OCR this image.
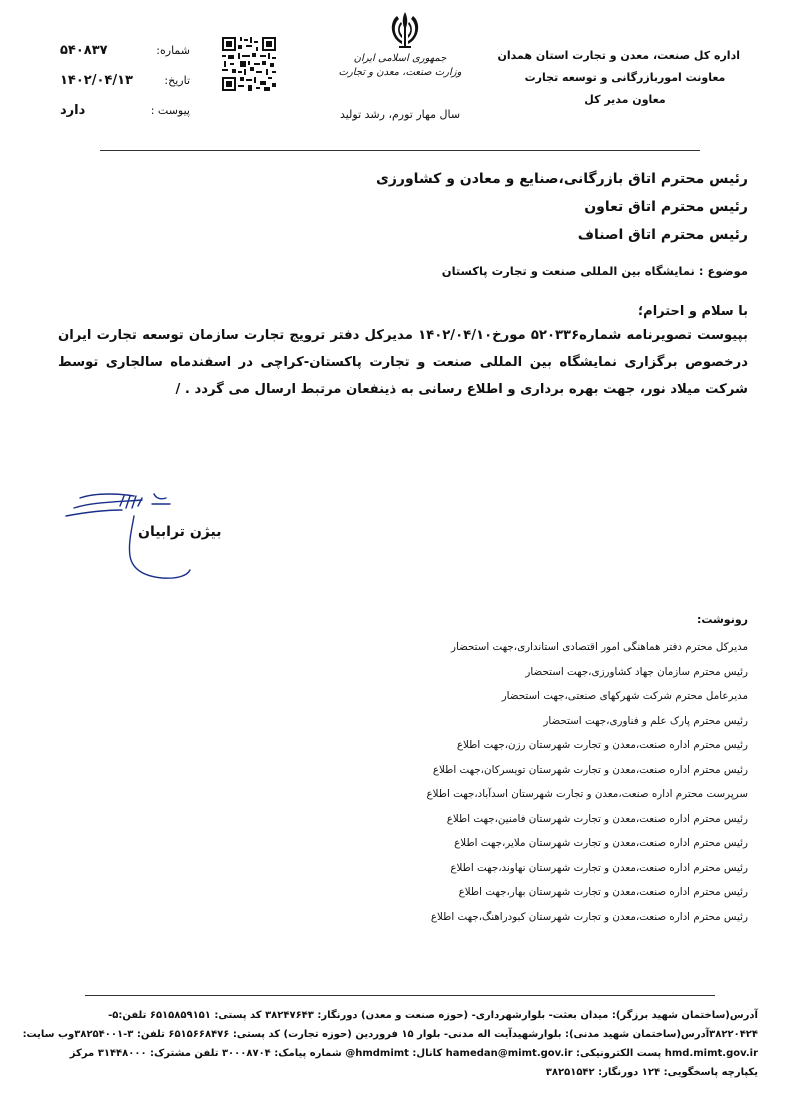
اداره کل صنعت، معدن و تجارت استان همدان
معاونت اموربازرگانی و توسعه تجارت
معاون مدیر کل
جمهوری اسلامی ایران
وزارت صنعت، معدن و تجارت
سال مهار تورم، رشد تولید
شماره:
۵۴۰۸۳۷
تاریخ:
۱۴۰۲/۰۴/۱۳
پیوست :
دارد
رئیس محترم اتاق بازرگانی،صنایع و معادن و کشاورزی
رئیس محترم اتاق تعاون
رئیس محترم اتاق اصناف
موضوع : نمایشگاه بین المللی صنعت و تجارت پاکستان
با سلام و احترام؛
بپیوست تصویرنامه شماره۵۲۰۳۳۶ مورخ۱۴۰۲/۰۴/۱۰ مدیرکل دفتر ترویج تجارت سازمان توسعه تجارت ایران درخصوص برگزاری نمایشگاه بین المللی صنعت و تجارت پاکستان-کراچی در اسفندماه سالجاری توسط شرکت میلاد نور، جهت بهره برداری و اطلاع رسانی به ذینفعان مرتبط ارسال می گردد . /
بیژن ترابیان
رونوشت:
مدیرکل محترم دفتر هماهنگی امور اقتصادی استانداری،جهت استحضار
رئیس محترم سازمان جهاد کشاورزی،جهت استحضار
مدیرعامل محترم شرکت شهرکهای صنعتی،جهت استحضار
رئیس محترم پارک علم و فناوری،جهت استحضار
رئیس محترم اداره صنعت،معدن و تجارت شهرستان رزن،جهت اطلاع
رئیس محترم اداره صنعت،معدن و تجارت شهرستان تویسرکان،جهت اطلاع
سرپرست محترم اداره صنعت،معدن و تجارت شهرستان اسدآباد،جهت اطلاع
رئیس محترم اداره صنعت،معدن و تجارت شهرستان فامنین،جهت اطلاع
رئیس محترم اداره صنعت،معدن و تجارت شهرستان ملایر،جهت اطلاع
رئیس محترم اداره صنعت،معدن و تجارت شهرستان نهاوند،جهت اطلاع
رئیس محترم اداره صنعت،معدن و تجارت شهرستان بهار،جهت اطلاع
رئیس محترم اداره صنعت،معدن و تجارت شهرستان کبودراهنگ،جهت اطلاع
آدرس(ساختمان شهید برزگر): میدان بعثت- بلوارشهرداری- (حوزه صنعت و معدن) دورنگار: ۳۸۲۴۷۶۴۳ کد پستی: ۶۵۱۵۸۵۹۱۵۱ تلفن:۵-
۳۸۲۲۰۴۲۴آدرس(ساختمان شهید مدنی): بلوارشهیدآیت اله مدنی- بلوار ۱۵ فروردین (حوزه تجارت) کد پستی: ۶۵۱۵۶۶۸۴۷۶ تلفن: ۳-۳۸۲۵۴۰۰۱وب سایت:
hmd.mimt.gov.ir پست الکترونیکی: hamedan@mimt.gov.ir کانال: hmdmimt@ شماره پیامک: ۳۰۰۰۸۷۰۴ تلفن مشترک: ۳۱۴۴۸۰۰۰ مرکز
یکپارچه پاسخگویی: ۱۲۴ دورنگار: ۳۸۲۵۱۵۴۲
